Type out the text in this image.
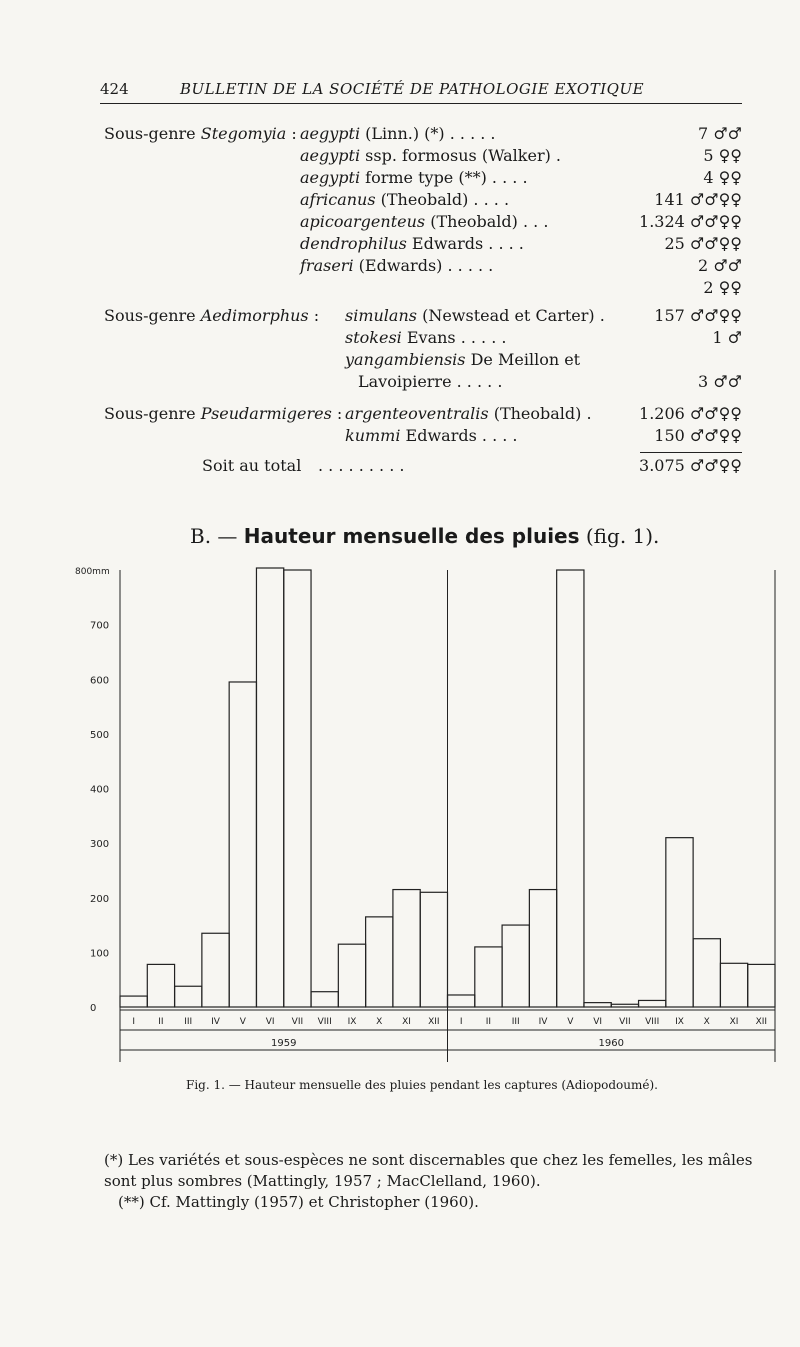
424	BULLETIN DE LA SOCIÉTÉ DE PATHOLOGIE EXOTIQUE
Sous-genre Stegomyia : aegypti (Linn.) (*) . . . . .	7 ♂♂
aegypti ssp. formosus (Walker) .	5 ♀♀
aegypti forme type (**) . . . .	4 ♀♀
africanus (Theobald) . . . .	141 ♂♂♀♀
apicoargenteus (Theobald) . . .	1.324 ♂♂♀♀
dendrophilus Edwards . . . .	25 ♂♂♀♀
fraseri (Edwards) . . . . .	2 ♂♂
2 ♀♀
Sous-genre Aedimorphus : simulans (Newstead et Carter) .	157 ♂♂♀♀
stokesi Evans . . . . .	1 ♂
yangambiensis De Meillon et
Lavoipierre . . . . .	3 ♂♂
Sous-genre Pseudarmigeres : argenteoventralis (Theobald) .	1.206 ♂♂♀♀
kummi Edwards . . . .	150 ♂♂♀♀
Soit au total . . . . . . . . .	3.075 ♂♂♀♀
B. — Hauteur mensuelle des pluies (fig. 1).
800mm
0
100
200
300
400
500
600
700
I	II III IV V VI VII VIII IX X XI XII I	II III IV V VI VII VIII IX X XI XII
1959	1960
Fig. 1. — Hauteur mensuelle des pluies pendant les captures (Adiopodoumé).
(*) Les variétés et sous-espèces ne sont discernables que chez les femelles, les mâles sont plus sombres (Mattingly, 1957 ; MacClelland, 1960).
(**) Cf. Mattingly (1957) et Christopher (1960).
